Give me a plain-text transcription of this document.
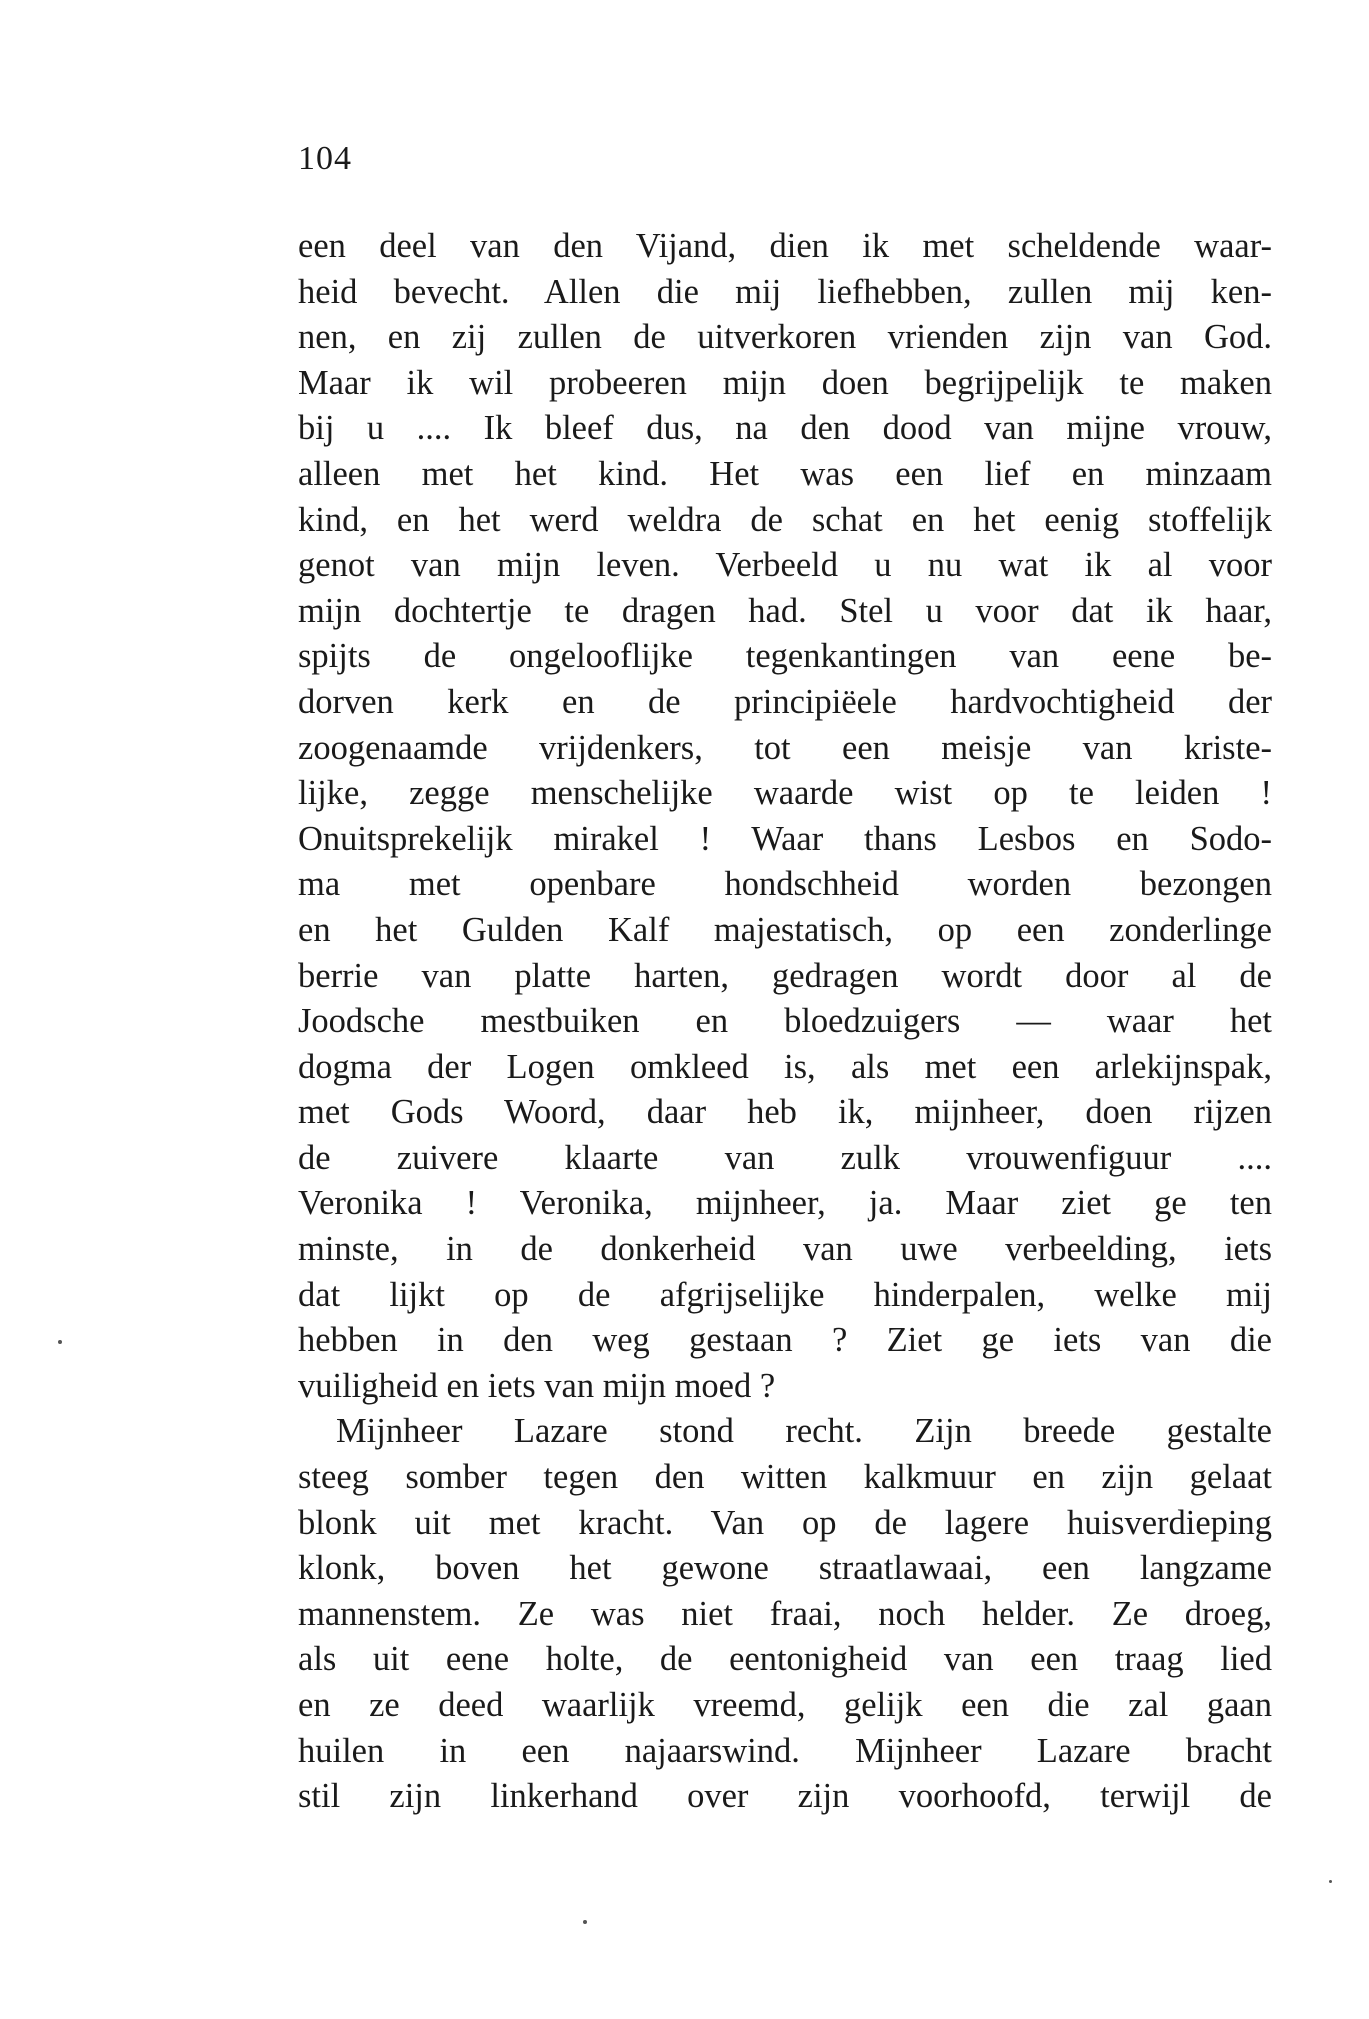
104
een deel van den Vijand, dien ik met scheldende waar-
heid bevecht. Allen die mij liefhebben, zullen mij ken-
nen, en zij zullen de uitverkoren vrienden zijn van God.
Maar ik wil probeeren mijn doen begrijpelijk te maken
bij u .... Ik bleef dus, na den dood van mijne vrouw,
alleen met het kind. Het was een lief en minzaam
kind, en het werd weldra de schat en het eenig stoffelijk
genot van mijn leven. Verbeeld u nu wat ik al voor
mijn dochtertje te dragen had. Stel u voor dat ik haar,
spijts de ongelooflijke tegenkantingen van eene be-
dorven kerk en de principiëele hardvochtigheid der
zoogenaamde vrijdenkers, tot een meisje van kriste-
lijke, zegge menschelijke waarde wist op te leiden !
Onuitsprekelijk mirakel ! Waar thans Lesbos en Sodo-
ma met openbare hondschheid worden bezongen
en het Gulden Kalf majestatisch, op een zonderlinge
berrie van platte harten, gedragen wordt door al de
Joodsche mestbuiken en bloedzuigers — waar het
dogma der Logen omkleed is, als met een arlekijnspak,
met Gods Woord, daar heb ik, mijnheer, doen rijzen
de zuivere klaarte van zulk vrouwenfiguur ....
Veronika ! Veronika, mijnheer, ja. Maar ziet ge ten
minste, in de donkerheid van uwe verbeelding, iets
dat lijkt op de afgrijselijke hinderpalen, welke mij
hebben in den weg gestaan ? Ziet ge iets van die
vuiligheid en iets van mijn moed ?
Mijnheer Lazare stond recht. Zijn breede gestalte
steeg somber tegen den witten kalkmuur en zijn gelaat
blonk uit met kracht. Van op de lagere huisverdieping
klonk, boven het gewone straatlawaai, een langzame
mannenstem. Ze was niet fraai, noch helder. Ze droeg,
als uit eene holte, de eentonigheid van een traag lied
en ze deed waarlijk vreemd, gelijk een die zal gaan
huilen in een najaarswind. Mijnheer Lazare bracht
stil zijn linkerhand over zijn voorhoofd, terwijl de
